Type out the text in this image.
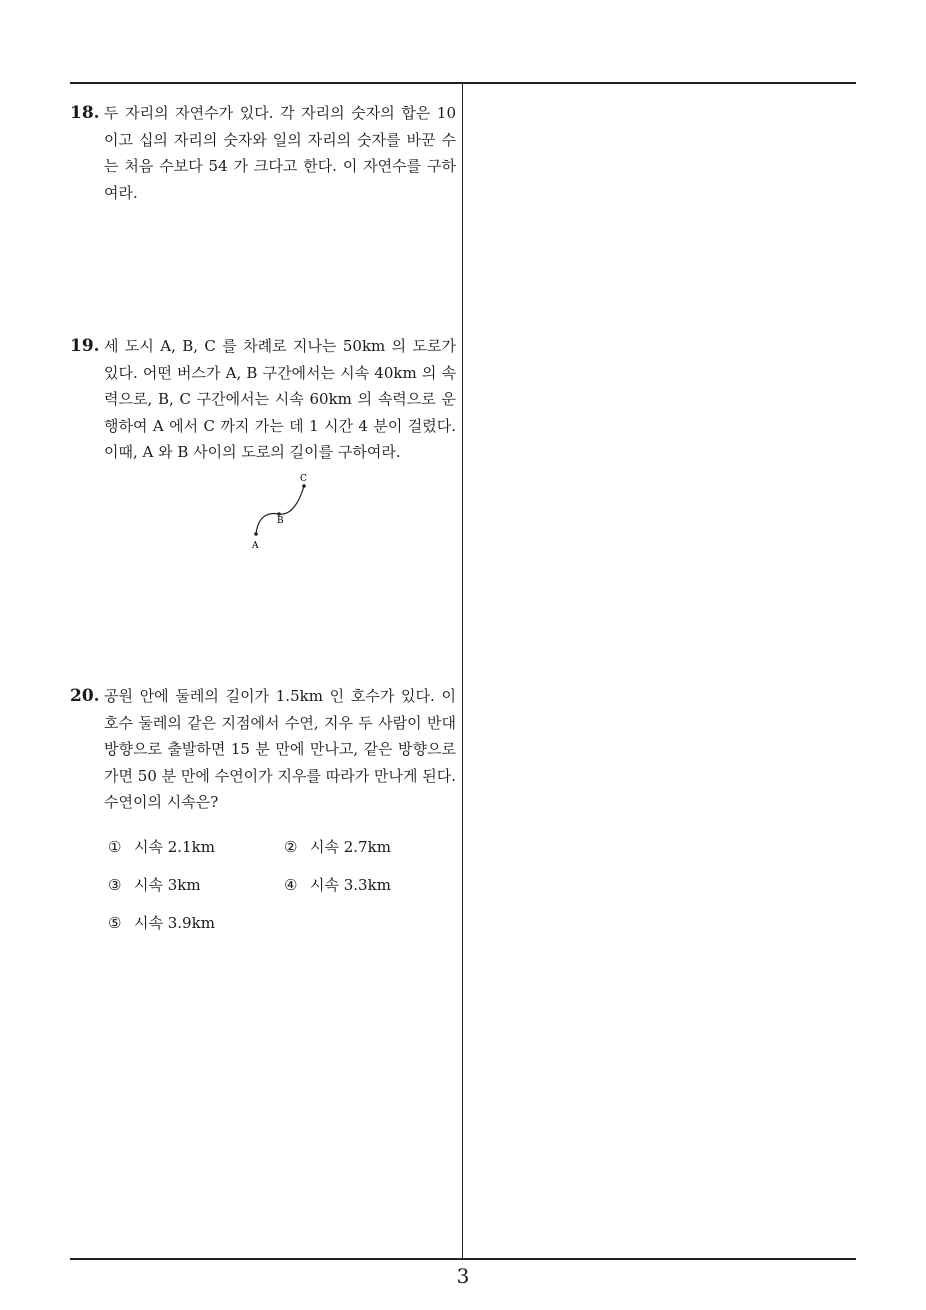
18. 두 자리의 자연수가 있다. 각 자리의 숫자의 합은 10 이고 십의 자리의 숫자와 일의 자리의 숫자를 바꾼 수는 처음 수보다 54 가 크다고 한다. 이 자연수를 구하여라.
19. 세 도시 A, B, C 를 차례로 지나는 50km 의 도로가 있다. 어떤 버스가 A, B 구간에서는 시속 40km 의 속력으로, B, C 구간에서는 시속 60km 의 속력으로 운행하여 A 에서 C 까지 가는 데 1 시간 4 분이 걸렸다. 이때, A 와 B 사이의 도로의 길이를 구하여라.
A
B
C
20. 공원 안에 둘레의 길이가 1.5km 인 호수가 있다. 이 호수 둘레의 같은 지점에서 수연, 지우 두 사람이 반대 방향으로 출발하면 15 분 만에 만나고, 같은 방향으로 가면 50 분 만에 수연이가 지우를 따라가 만나게 된다. 수연이의 시속은?
① 시속 2.1km	② 시속 2.7km
③ 시속 3km	④ 시속 3.3km
⑤ 시속 3.9km
3
